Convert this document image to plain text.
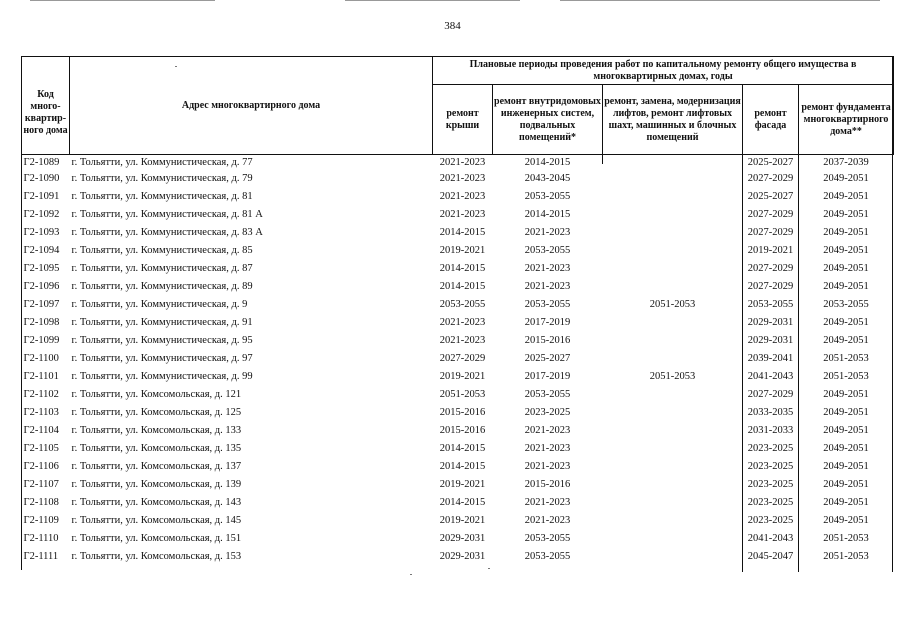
384
Код много-квартир-ного дома	Адрес многоквартирного дома	Плановые периоды проведения работ по капитальному ремонту общего имущества в многоквартирных домах, годы				
		ремонт крыши	ремонт внутридомовых инженерных систем, подвальных помещений*	ремонт, замена, модернизация лифтов, ремонт лифтовых шахт, машинных и блочных помещений	ремонт фасада	ремонт фундамента многоквартирного дома**
Г2-1089	г. Тольятти, ул. Коммунистическая, д. 77	2021-2023	2014-2015		2025-2027	2037-2039
Г2-1090	г. Тольятти, ул. Коммунистическая, д. 79	2021-2023	2043-2045		2027-2029	2049-2051
Г2-1091	г. Тольятти, ул. Коммунистическая, д. 81	2021-2023	2053-2055		2025-2027	2049-2051
Г2-1092	г. Тольятти, ул. Коммунистическая, д. 81 А	2021-2023	2014-2015		2027-2029	2049-2051
Г2-1093	г. Тольятти, ул. Коммунистическая, д. 83 А	2014-2015	2021-2023		2027-2029	2049-2051
Г2-1094	г. Тольятти, ул. Коммунистическая, д. 85	2019-2021	2053-2055		2019-2021	2049-2051
Г2-1095	г. Тольятти, ул. Коммунистическая, д. 87	2014-2015	2021-2023		2027-2029	2049-2051
Г2-1096	г. Тольятти, ул. Коммунистическая, д. 89	2014-2015	2021-2023		2027-2029	2049-2051
Г2-1097	г. Тольятти, ул. Коммунистическая, д. 9	2053-2055	2053-2055	2051-2053	2053-2055	2053-2055
Г2-1098	г. Тольятти, ул. Коммунистическая, д. 91	2021-2023	2017-2019		2029-2031	2049-2051
Г2-1099	г. Тольятти, ул. Коммунистическая, д. 95	2021-2023	2015-2016		2029-2031	2049-2051
Г2-1100	г. Тольятти, ул. Коммунистическая, д. 97	2027-2029	2025-2027		2039-2041	2051-2053
Г2-1101	г. Тольятти, ул. Коммунистическая, д. 99	2019-2021	2017-2019	2051-2053	2041-2043	2051-2053
Г2-1102	г. Тольятти, ул. Комсомольская, д. 121	2051-2053	2053-2055		2027-2029	2049-2051
Г2-1103	г. Тольятти, ул. Комсомольская, д. 125	2015-2016	2023-2025		2033-2035	2049-2051
Г2-1104	г. Тольятти, ул. Комсомольская, д. 133	2015-2016	2021-2023		2031-2033	2049-2051
Г2-1105	г. Тольятти, ул. Комсомольская, д. 135	2014-2015	2021-2023		2023-2025	2049-2051
Г2-1106	г. Тольятти, ул. Комсомольская, д. 137	2014-2015	2021-2023		2023-2025	2049-2051
Г2-1107	г. Тольятти, ул. Комсомольская, д. 139	2019-2021	2015-2016		2023-2025	2049-2051
Г2-1108	г. Тольятти, ул. Комсомольская, д. 143	2014-2015	2021-2023		2023-2025	2049-2051
Г2-1109	г. Тольятти, ул. Комсомольская, д. 145	2019-2021	2021-2023		2023-2025	2049-2051
Г2-1110	г. Тольятти, ул. Комсомольская, д. 151	2029-2031	2053-2055		2041-2043	2051-2053
Г2-1111	г. Тольятти, ул. Комсомольская, д. 153	2029-2031	2053-2055		2045-2047	2051-2053
